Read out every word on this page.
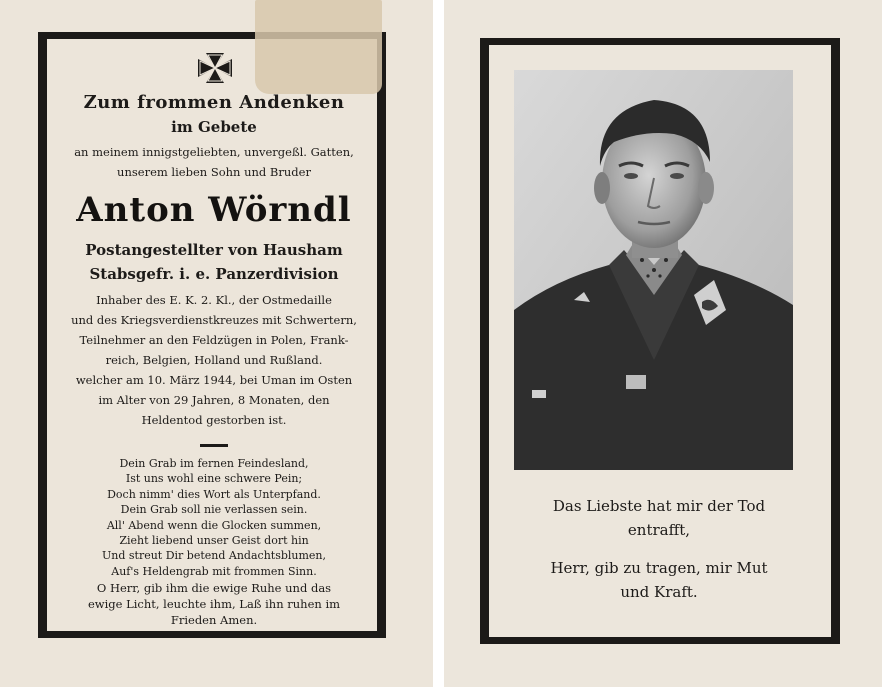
Zum frommen Andenken
im Gebete
an meinem innigstgeliebten, unvergeßl. Gatten,
unserem lieben Sohn und Bruder
Anton Wörndl
Postangestellter von Hausham
Stabsgefr. i. e. Panzerdivision
Inhaber des E. K. 2. Kl., der Ostmedaille
und des Kriegsverdienstkreuzes mit Schwertern,
Teilnehmer an den Feldzügen in Polen, Frank-
reich, Belgien, Holland und Rußland.
welcher am 10. März 1944, bei Uman im Osten
im Alter von 29 Jahren, 8 Monaten, den
Heldentod gestorben ist.
Dein Grab im fernen Feindesland,
Ist uns wohl eine schwere Pein;
Doch nimm' dies Wort als Unterpfand.
Dein Grab soll nie verlassen sein.
All' Abend wenn die Glocken summen,
Zieht liebend unser Geist dort hin
Und streut Dir betend Andachtsblumen,
Auf's Heldengrab mit frommen Sinn.
O Herr, gib ihm die ewige Ruhe und das
ewige Licht, leuchte ihm, Laß ihn ruhen im
Frieden Amen.
Das Liebste hat mir der Tod
entrafft,
Herr, gib zu tragen, mir Mut
und Kraft.
